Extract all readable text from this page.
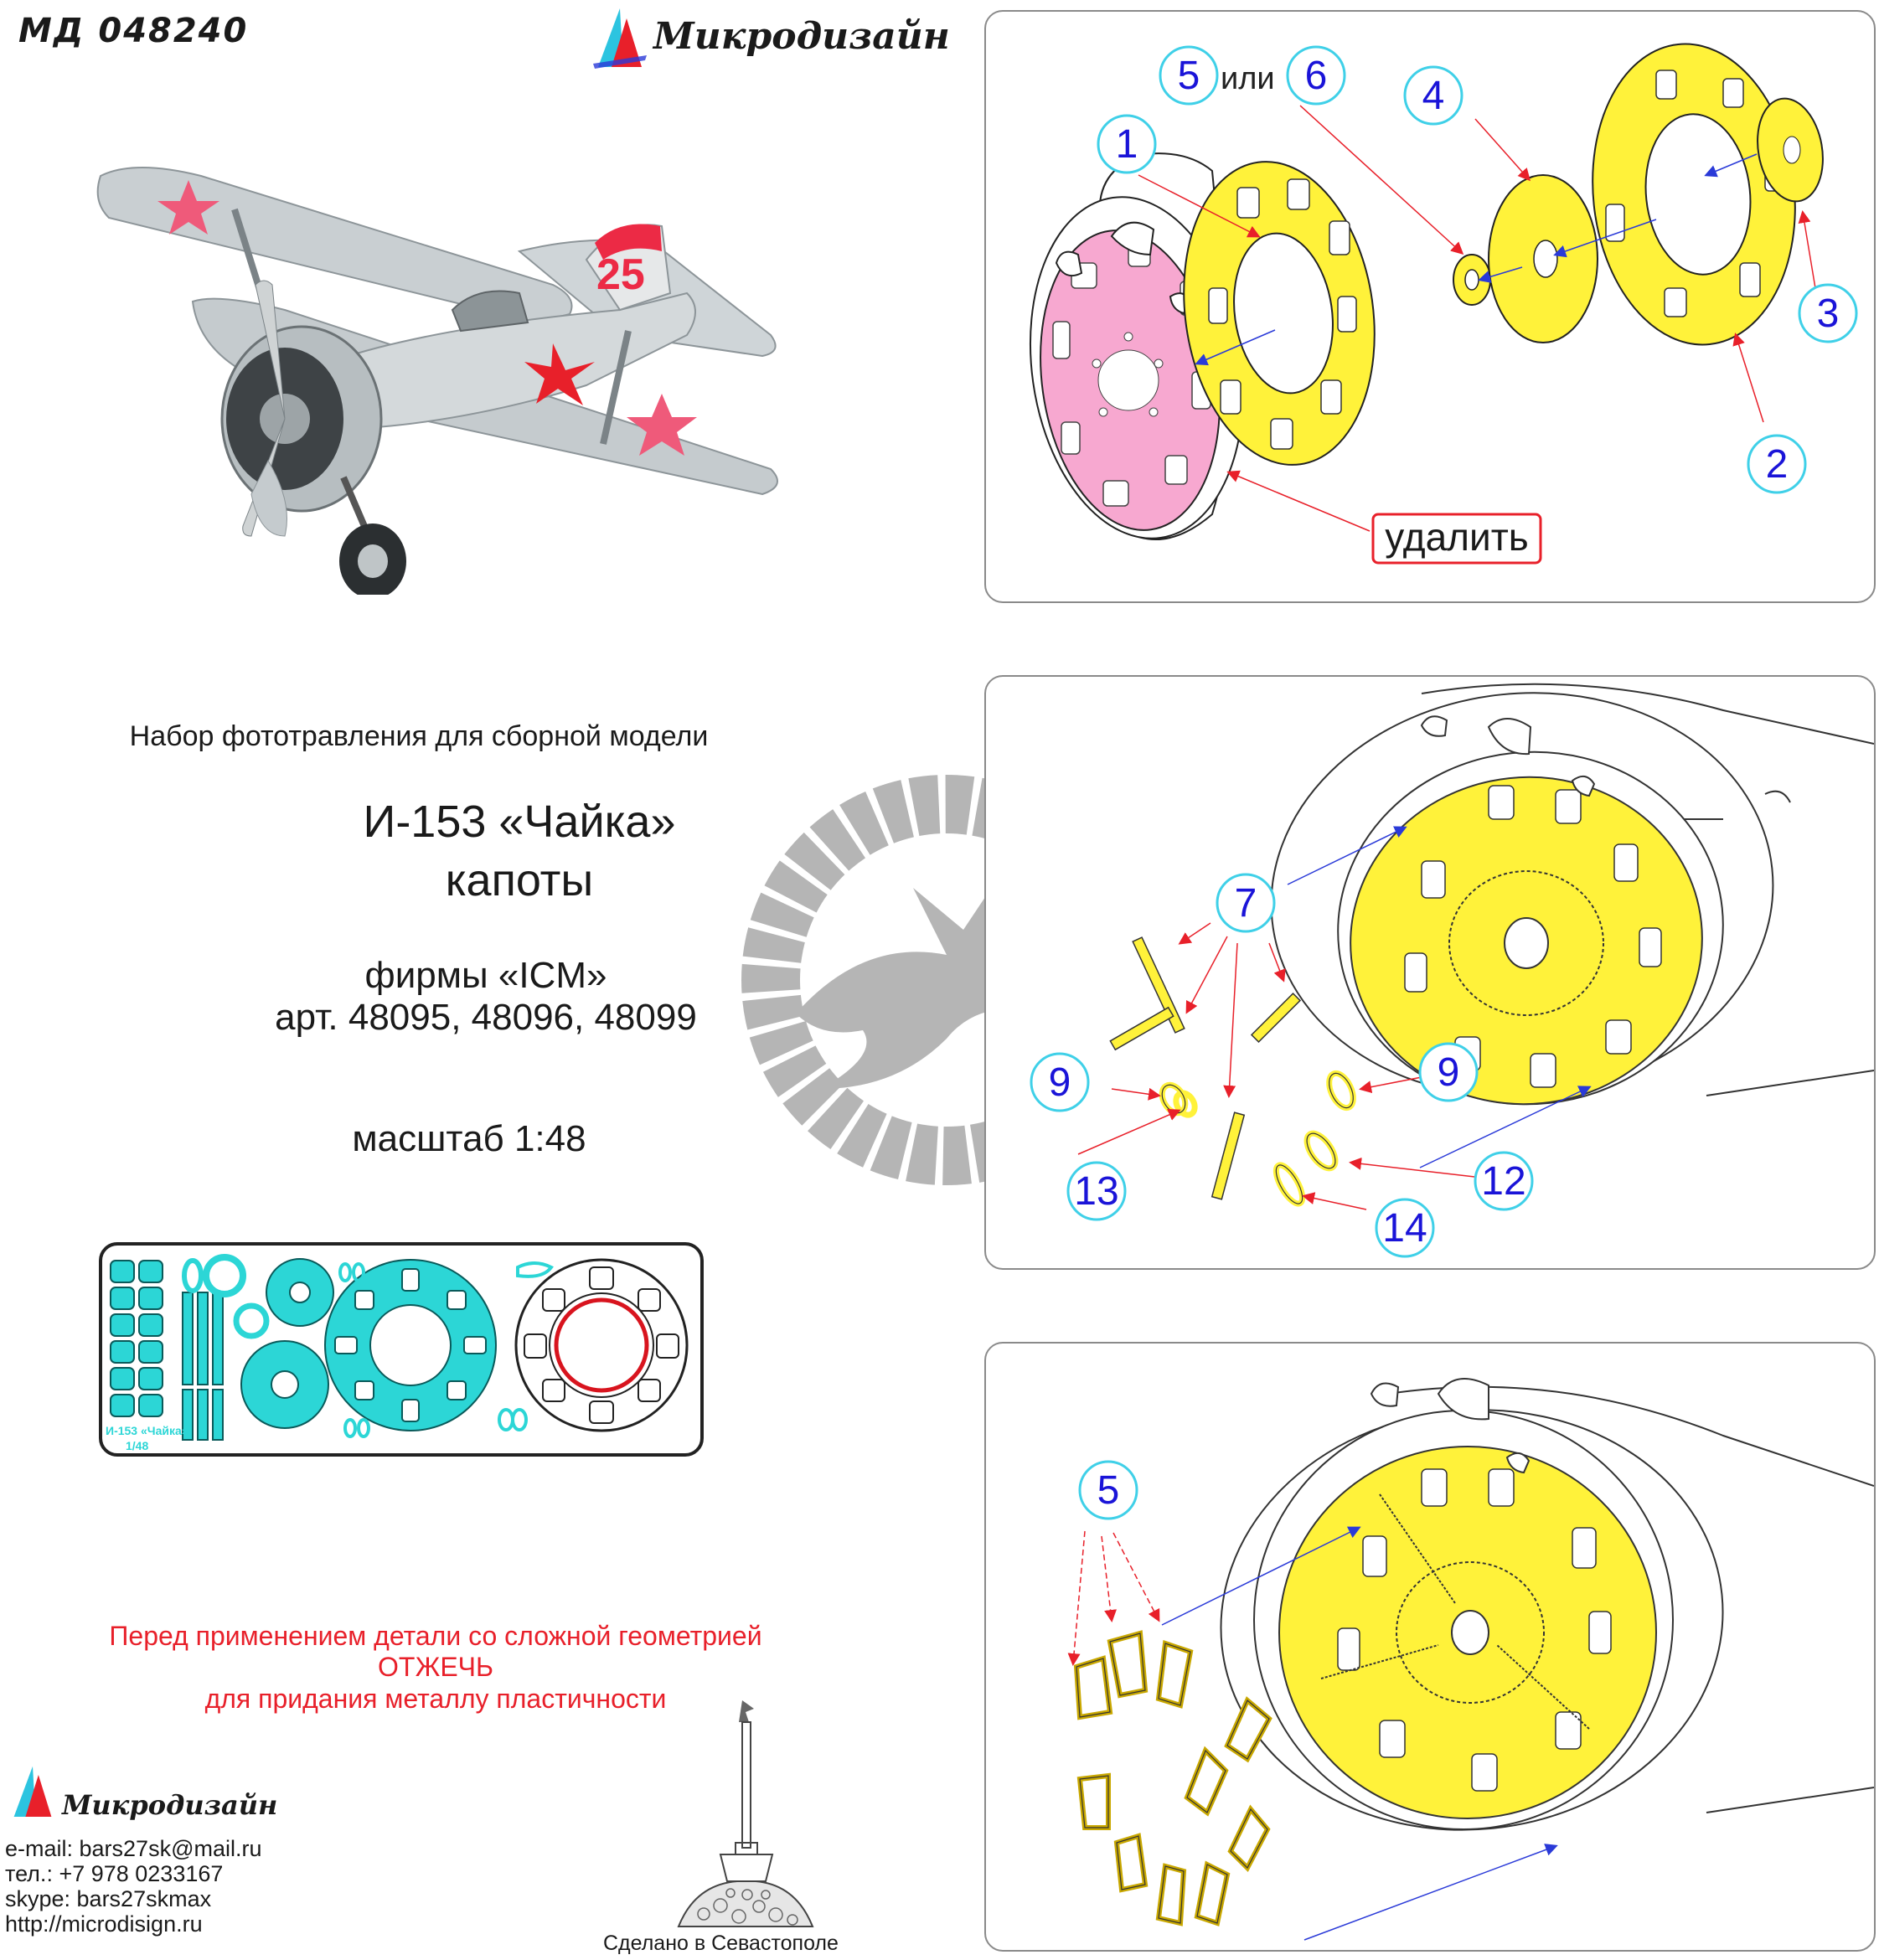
МД 048240	Микродизайн
25
Набор фототравления для сборной модели
И-153 «Чайка»
капоты
фирмы «ICM»
арт. 48095, 48096, 48099
масштаб 1:48
И-153 «Чайка»
1/48
Перед применением детали со сложной геометрией
ОТЖЕЧЬ
для придания металлу пластичности
Микродизайн
e-mail: bars27sk@mail.ru
тел.: +7 978 0233167
skype: bars27skmax
http://microdisign.ru
Сделано в Севастополе
1
5 или 6 4
3
2
удалить
7
9
13
9
12
14
5
